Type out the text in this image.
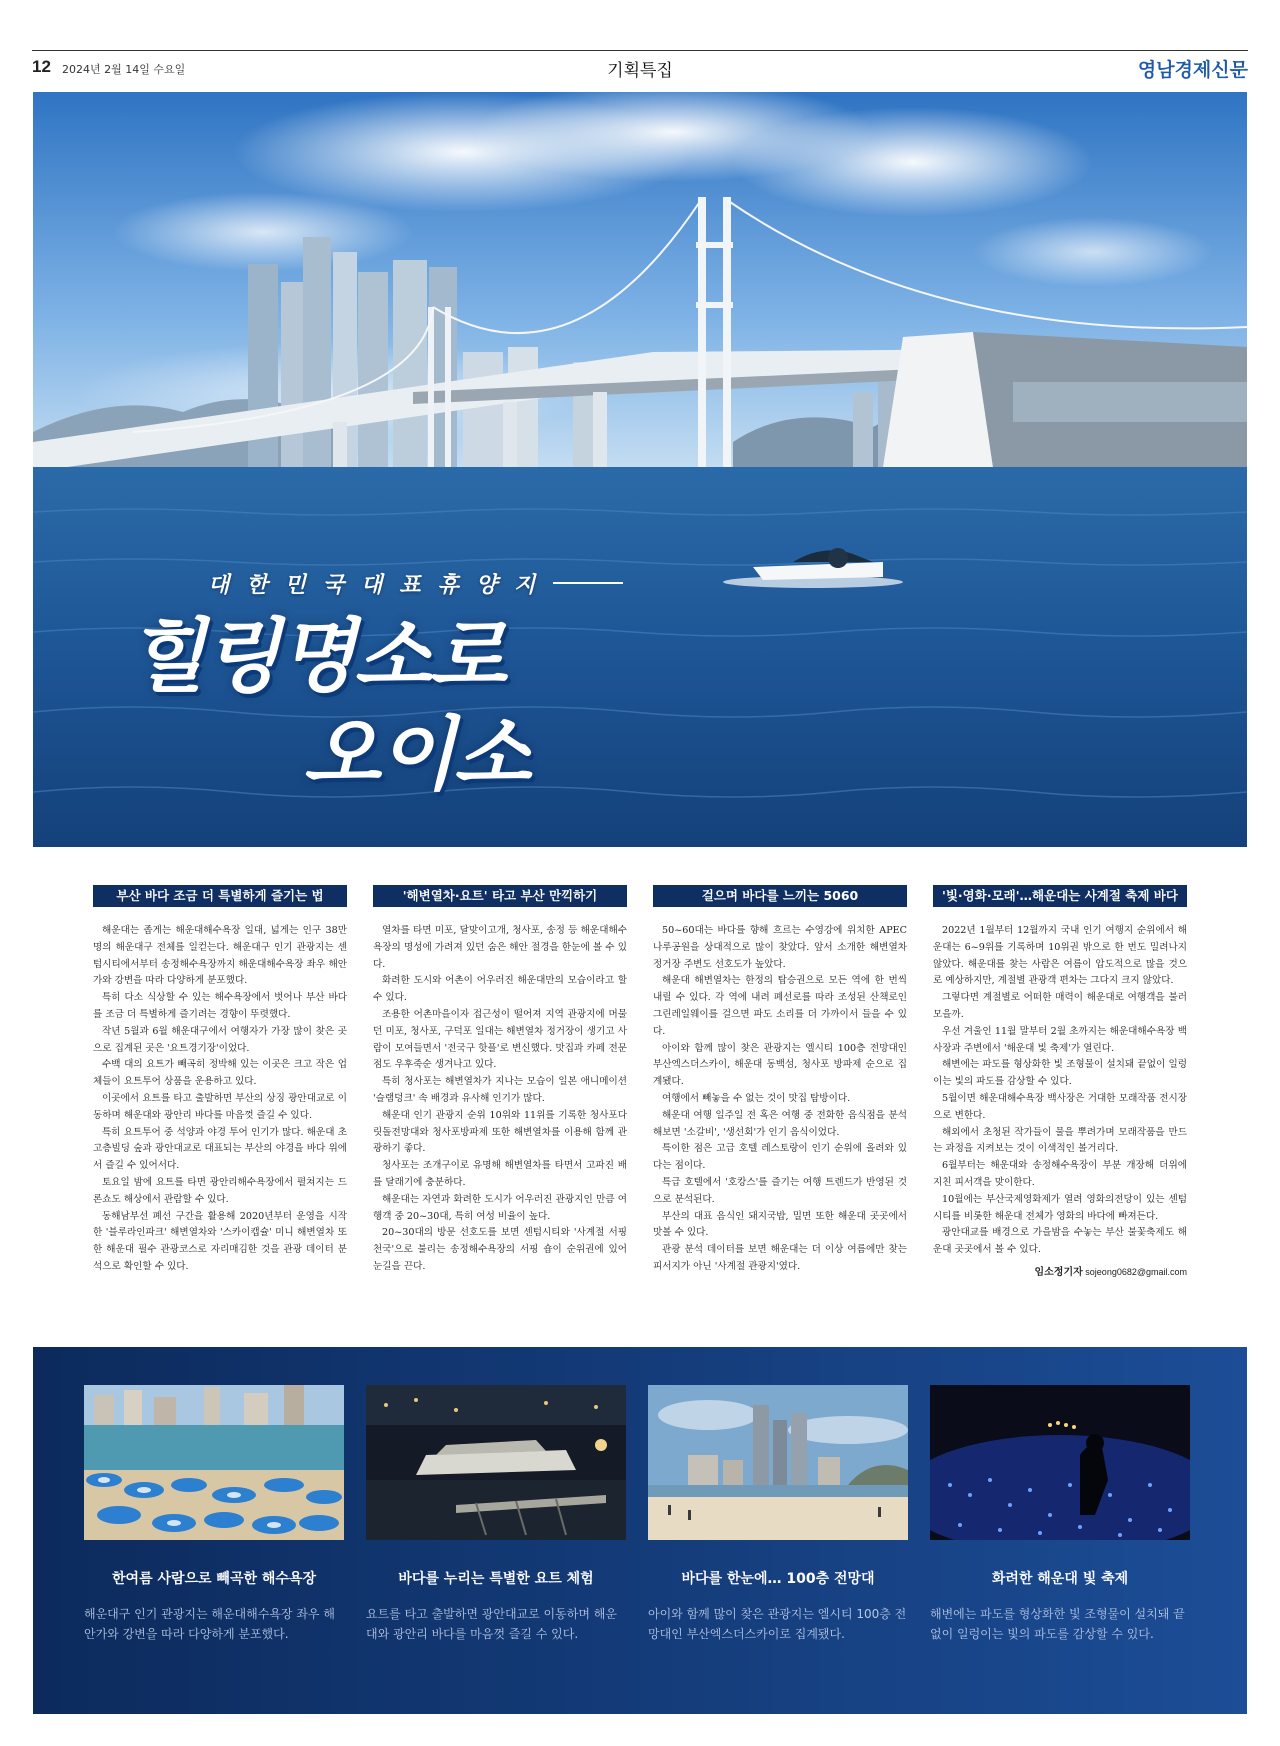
12 2024년 2월 14일 수요일	기획특집	영남경제신문
대한민국대표휴양지
힐링명소로
오이소
부산 바다 조금 더 특별하게 즐기는 법

해운대는 좁게는 해운대해수욕장 일대, 넓게는 인구 38만명의 해운대구 전체를 일컫는다. 해운대구 인기 관광지는 센텀시티에서부터 송정해수욕장까지 해운대해수욕장 좌우 해안가와 강변을 따라 다양하게 분포했다.

특히 다소 식상할 수 있는 해수욕장에서 벗어나 부산 바다를 조금 더 특별하게 즐기려는 경향이 뚜렷했다.

작년 5월과 6월 해운대구에서 여행자가 가장 많이 찾은 곳으로 집계된 곳은 '요트경기장'이었다.

수백 대의 요트가 빼곡히 정박해 있는 이곳은 크고 작은 업체들이 요트투어 상품을 운용하고 있다.

이곳에서 요트를 타고 출발하면 부산의 상징 광안대교로 이동하며 해운대와 광안리 바다를 마음껏 즐길 수 있다.

특히 요트투어 중 석양과 야경 투어 인기가 많다. 해운대 초고층빌딩 숲과 광안대교로 대표되는 부산의 야경을 바다 위에서 즐길 수 있어서다.

토요일 밤에 요트를 타면 광안리해수욕장에서 펼쳐지는 드론쇼도 해상에서 관람할 수 있다.

동해남부선 폐선 구간을 활용해 2020년부터 운영을 시작한 '블루라인파크' 해변열차와 '스카이캡슐' 미니 해변열차 또한 해운대 필수 관광코스로 자리매김한 것을 관광 데이터 분석으로 확인할 수 있다.

'해변열차·요트' 타고 부산 만끽하기

열차를 타면 미포, 달맞이고개, 청사포, 송정 등 해운대해수욕장의 명성에 가려져 있던 숨은 해안 절경을 한눈에 볼 수 있다.

화려한 도시와 어촌이 어우러진 해운대만의 모습이라고 할 수 있다.

조용한 어촌마을이자 접근성이 떨어져 지역 관광지에 머물던 미포, 청사포, 구덕포 일대는 해변열차 정거장이 생기고 사람이 모여들면서 '전국구 핫플'로 변신했다. 맛집과 카페 전문점도 우후죽순 생겨나고 있다.

특히 청사포는 해변열차가 지나는 모습이 일본 애니메이션 '슬램덩크' 속 배경과 유사해 인기가 많다.

해운대 인기 관광지 순위 10위와 11위를 기록한 청사포다릿돌전망대와 청사포방파제 또한 해변열차를 이용해 함께 관광하기 좋다.

청사포는 조개구이로 유명해 해변열차를 타면서 고파진 배를 달래기에 충분하다.

해운대는 자연과 화려한 도시가 어우러진 관광지인 만큼 여행객 중 20~30대, 특히 여성 비율이 높다.

20~30대의 방문 선호도를 보면 센텀시티와 '사계절 서핑 천국'으로 불리는 송정해수욕장의 서핑 숍이 순위권에 있어 눈길을 끈다.

걸으며 바다를 느끼는 5060

50~60대는 바다를 향해 흐르는 수영강에 위치한 APEC 나루공원을 상대적으로 많이 찾았다. 앞서 소개한 해변열차 정거장 주변도 선호도가 높았다.

해운대 해변열차는 한정의 탑승권으로 모든 역에 한 번씩 내릴 수 있다. 각 역에 내려 폐선로를 따라 조성된 산책로인 그린레일웨이를 걸으면 파도 소리를 더 가까이서 들을 수 있다.

아이와 함께 많이 찾은 관광지는 엘시티 100층 전망대인 부산엑스더스카이, 해운대 동백섬, 청사포 방파제 순으로 집계됐다.

여행에서 빼놓을 수 없는 것이 맛집 탐방이다.

해운대 여행 일주일 전 혹은 여행 중 전화한 음식점을 분석해보면 '소갈비', '생선회'가 인기 음식이었다.

특이한 점은 고급 호텔 레스토랑이 인기 순위에 올려와 있다는 점이다.

특급 호텔에서 '호캉스'를 즐기는 여행 트렌드가 반영된 것으로 분석된다.

부산의 대표 음식인 돼지국밥, 밀면 또한 해운대 곳곳에서 맛볼 수 있다.

관광 분석 데이터를 보면 해운대는 더 이상 여름에만 찾는 피서지가 아닌 '사계절 관광지'였다.

'빛·영화·모래'…해운대는 사계절 축제 바다

2022년 1월부터 12월까지 국내 인기 여행지 순위에서 해운대는 6~9위를 기록하며 10위권 밖으로 한 번도 밀려나지 않았다. 해운대를 찾는 사람은 여름이 압도적으로 많을 것으로 예상하지만, 계절별 관광객 편차는 그다지 크지 않았다.

그렇다면 계절별로 어떠한 매력이 해운대로 여행객을 불러 모을까.

우선 겨울인 11월 말부터 2월 초까지는 해운대해수욕장 백사장과 주변에서 '해운대 빛 축제'가 열린다.

해변에는 파도를 형상화한 빛 조형물이 설치돼 끝없이 일렁이는 빛의 파도를 감상할 수 있다.

5월이면 해운대해수욕장 백사장은 거대한 모래작품 전시장으로 변한다.

해외에서 초청된 작가들이 물을 뿌려가며 모래작품을 만드는 과정을 지켜보는 것이 이색적인 볼거리다.

6월부터는 해운대와 송정해수욕장이 부분 개장해 더위에 지친 피서객을 맞이한다.

10월에는 부산국제영화제가 열려 영화의전당이 있는 센텀시티를 비롯한 해운대 전체가 영화의 바다에 빠져든다.

광안대교를 배경으로 가을밤을 수놓는 부산 불꽃축제도 해운대 곳곳에서 볼 수 있다.

임소정기자 sojeong0682@gmail.com
한여름 사람으로 빼곡한 해수욕장
해운대구 인기 관광지는 해운대해수욕장 좌우 해안가와 강변을 따라 다양하게 분포했다.
바다를 누리는 특별한 요트 체험
요트를 타고 출발하면 광안대교로 이동하며 해운대와 광안리 바다를 마음껏 즐길 수 있다.
바다를 한눈에… 100층 전망대
아이와 함께 많이 찾은 관광지는 엘시티 100층 전망대인 부산엑스더스카이로 집계됐다.
화려한 해운대 빛 축제
해변에는 파도를 형상화한 빛 조형물이 설치돼 끝없이 일렁이는 빛의 파도를 감상할 수 있다.
